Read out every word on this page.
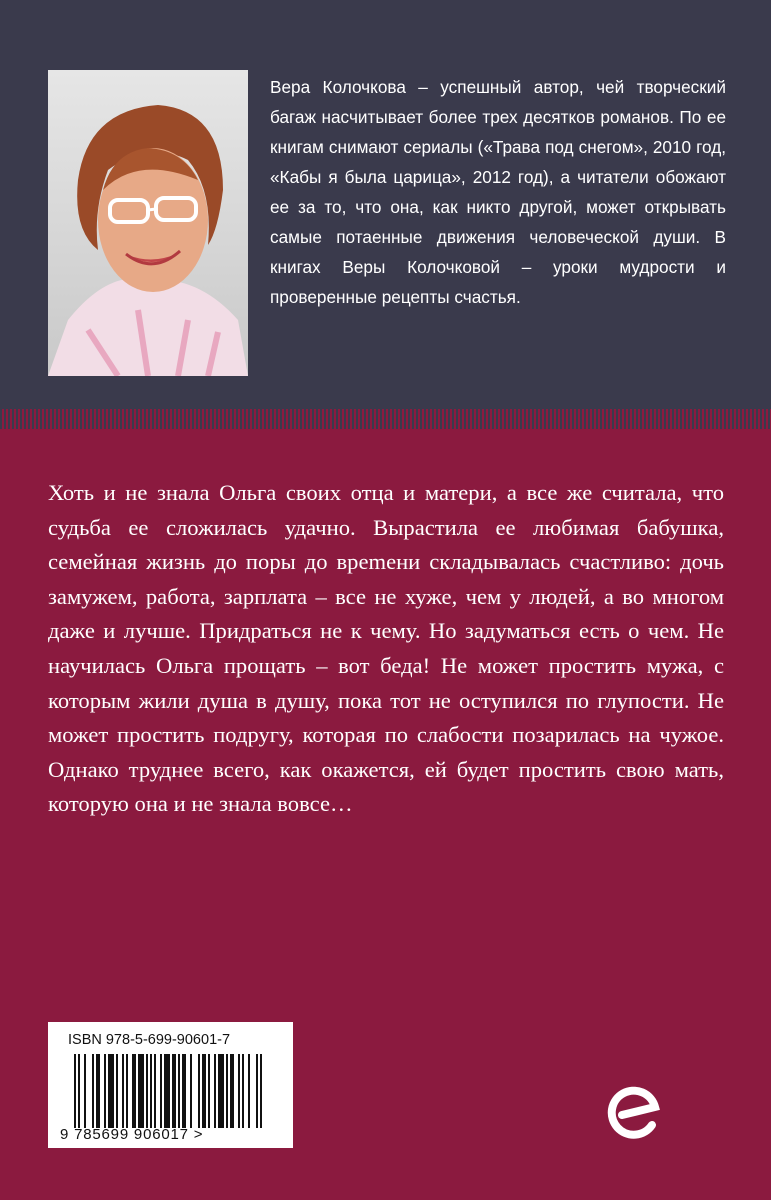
Вера Колочкова – успешный автор, чей творческий багаж насчитывает более трех десятков романов. По ее книгам снимают сериалы («Трава под снегом», 2010 год, «Кабы я была царица», 2012 год), а читатели обожают ее за то, что она, как никто другой, может открывать самые потаенные движения человеческой души. В книгах Веры Колочковой – уроки мудрости и проверенные рецепты счастья.

Хоть и не знала Ольга своих отца и матери, а все же считала, что судьба ее сложилась удачно. Вырастила ее любимая бабушка, семейная жизнь до поры до вреmени складывалась счастливо: дочь замужем, работа, зарплата – все не хуже, чем у людей, а во многом даже и лучше. Придраться не к чему. Но задуматься есть о чем. Не научилась Ольга прощать – вот беда! Не может простить мужа, с которым жили душа в душу, пока тот не оступился по глупости. Не может простить подругу, которая по слабости позарилась на чужое. Однако труднее всего, как окажется, ей будет простить свою мать, которую она и не знала вовсе…

ISBN 978-5-699-90601-7
9 785699 906017 >
